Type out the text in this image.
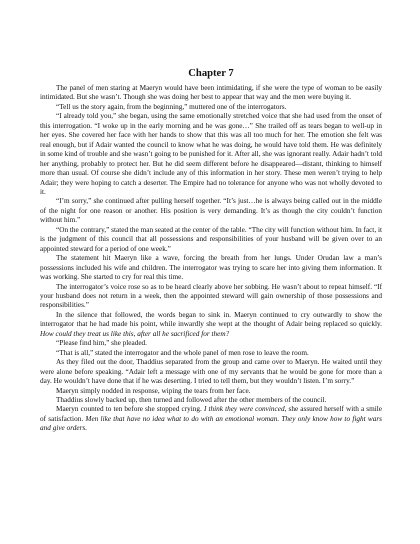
Chapter 7

The panel of men staring at Maeryn would have been intimidating, if she were the type of woman to be easily intimidated. But she wasn’t. Though she was doing her best to appear that way and the men were buying it.

“Tell us the story again, from the beginning,” muttered one of the interrogators.

“I already told you,” she began, using the same emotionally stretched voice that she had used from the onset of this interrogation. “I woke up in the early morning and he was gone…” She trailed off as tears began to well-up in her eyes. She covered her face with her hands to show that this was all too much for her. The emotion she felt was real enough, but if Adair wanted the council to know what he was doing, he would have told them. He was definitely in some kind of trouble and she wasn’t going to be punished for it. After all, she was ignorant really. Adair hadn’t told her anything, probably to protect her. But he did seem different before he disappeared—distant, thinking to himself more than usual. Of course she didn’t include any of this information in her story. These men weren’t trying to help Adair; they were hoping to catch a deserter. The Empire had no tolerance for anyone who was not wholly devoted to it.

“I’m sorry,” she continued after pulling herself together. “It’s just…he is always being called out in the middle of the night for one reason or another. His position is very demanding. It’s as though the city couldn’t function without him.”

“On the contrary,” stated the man seated at the center of the table. “The city will function without him. In fact, it is the judgment of this council that all possessions and responsibilities of your husband will be given over to an appointed steward for a period of one week.”

The statement hit Maeryn like a wave, forcing the breath from her lungs. Under Orudan law a man’s possessions included his wife and children. The interrogator was trying to scare her into giving them information. It was working. She started to cry for real this time.

The interrogator’s voice rose so as to be heard clearly above her sobbing. He wasn’t about to repeat himself. “If your husband does not return in a week, then the appointed steward will gain ownership of those possessions and responsibilities.”

In the silence that followed, the words began to sink in. Maeryn continued to cry outwardly to show the interrogator that he had made his point, while inwardly she wept at the thought of Adair being replaced so quickly. How could they treat us like this, after all he sacrificed for them?

“Please find him,” she pleaded.

“That is all,” stated the interrogator and the whole panel of men rose to leave the room.

As they filed out the door, Thaddius separated from the group and came over to Maeryn. He waited until they were alone before speaking. “Adair left a message with one of my servants that he would be gone for more than a day. He wouldn’t have done that if he was deserting. I tried to tell them, but they wouldn’t listen. I’m sorry.”

Maeryn simply nodded in response, wiping the tears from her face.

Thaddius slowly backed up, then turned and followed after the other members of the council.

Maeryn counted to ten before she stopped crying. I think they were convinced, she assured herself with a smile of satisfaction. Men like that have no idea what to do with an emotional woman. They only know how to fight wars and give orders.
